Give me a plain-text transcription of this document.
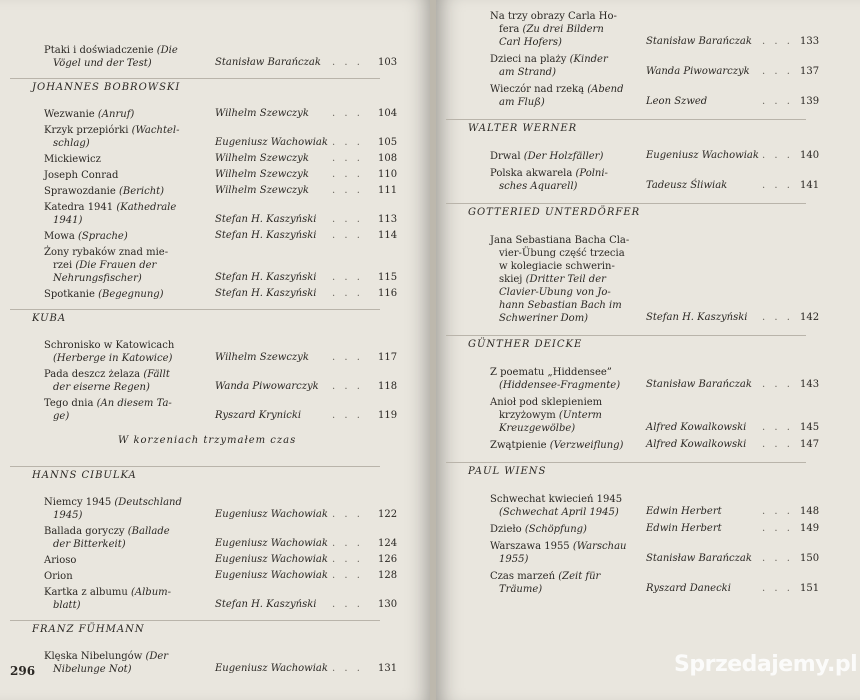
Ptaki i doświadczenie (Die
Vögel und der Test)	Stanisław Barańczak . . . 103
JOHANNES BOBROWSKI
Wezwanie (Anruf)	Wilhelm Szewczyk . . . 104
Krzyk przepiórki (Wachtel-
schlag)	Eugeniusz Wachowiak . . . 105
Mickiewicz	Wilhelm Szewczyk . . . 108
Joseph Conrad	Wilhelm Szewczyk . . . 110
Sprawozdanie (Bericht)	Wilhelm Szewczyk . . . 111
Katedra 1941 (Kathedrale
1941)	Stefan H. Kaszyński . . . 113
Mowa (Sprache)	Stefan H. Kaszyński . . . 114
Żony rybaków znad mie-
rzei (Die Frauen der
Nehrungsfischer)	Stefan H. Kaszyński . . . 115
Spotkanie (Begegnung)	Stefan H. Kaszyński . . . 116
KUBA
Schronisko w Katowicach
(Herberge in Katowice)	Wilhelm Szewczyk . . . 117
Pada deszcz żelaza (Fällt
der eiserne Regen)	Wanda Piwowarczyk . . . 118
Tego dnia (An diesem Ta-
ge)	Ryszard Krynicki	. . . 119
W korzeniach trzymałem czas
HANNS CIBULKA
Niemcy 1945 (Deutschland
1945)	Eugeniusz Wachowiak . . . 122
Ballada goryczy (Ballade
der Bitterkeit)	Eugeniusz Wachowiak . . . 124
Arioso	Eugeniusz Wachowiak . . . 126
Orion	Eugeniusz Wachowiak . . . 128
Kartka z albumu (Album-
blatt)	Stefan H. Kaszyński . . . 130
FRANZ FÜHMANN
Klęska Nibelungów (Der
Nibelunge Not)	Eugeniusz Wachowiak . . . 131
Na trzy obrazy Carla Ho-
fera (Zu drei Bildern
Carl Hofers)	Stanisław Barańczak . . . 133
Dzieci na plaży (Kinder
am Strand)	Wanda Piwowarczyk . . . 137
Wieczór nad rzeką (Abend
am Fluß)	Leon Szwed	. . . 139
WALTER WERNER
Drwal (Der Holzfäller)	Eugeniusz Wachowiak . . . 140
Polska akwarela (Polni-
sches Aquarell)	Tadeusz Śliwiak	. . . 141
GOTTERIED UNTERDÖRFER
Jana Sebastiana Bacha Cla-
vier-Übung część trzecia
w kolegiacie schwerin-
skiej (Dritter Teil der
Clavier-Ubung von Jo-
hann Sebastian Bach im
Schweriner Dom)	Stefan H. Kaszyński . . . 142
GÜNTHER DEICKE
Z poematu „Hiddensee”
(Hiddensee-Fragmente)	Stanisław Barańczak . . . 143
Anioł pod sklepieniem
krzyżowym (Unterm
Kreuzgewölbe)	Alfred Kowalkowski . . . 145
Zwątpienie (Verzweiflung) Alfred Kowalkowski . . . 147
PAUL WIENS
Schwechat kwiecień 1945
(Schwechat April 1945)	Edwin Herbert	. . . 148
Dzieło (Schöpfung)	Edwin Herbert	. . . 149
Warszawa 1955 (Warschau
1955)	Stanisław Barańczak . . . 150
Czas marzeń (Zeit für
Träume)	Ryszard Danecki	. . . 151
296	Sprzedajemy.pl
